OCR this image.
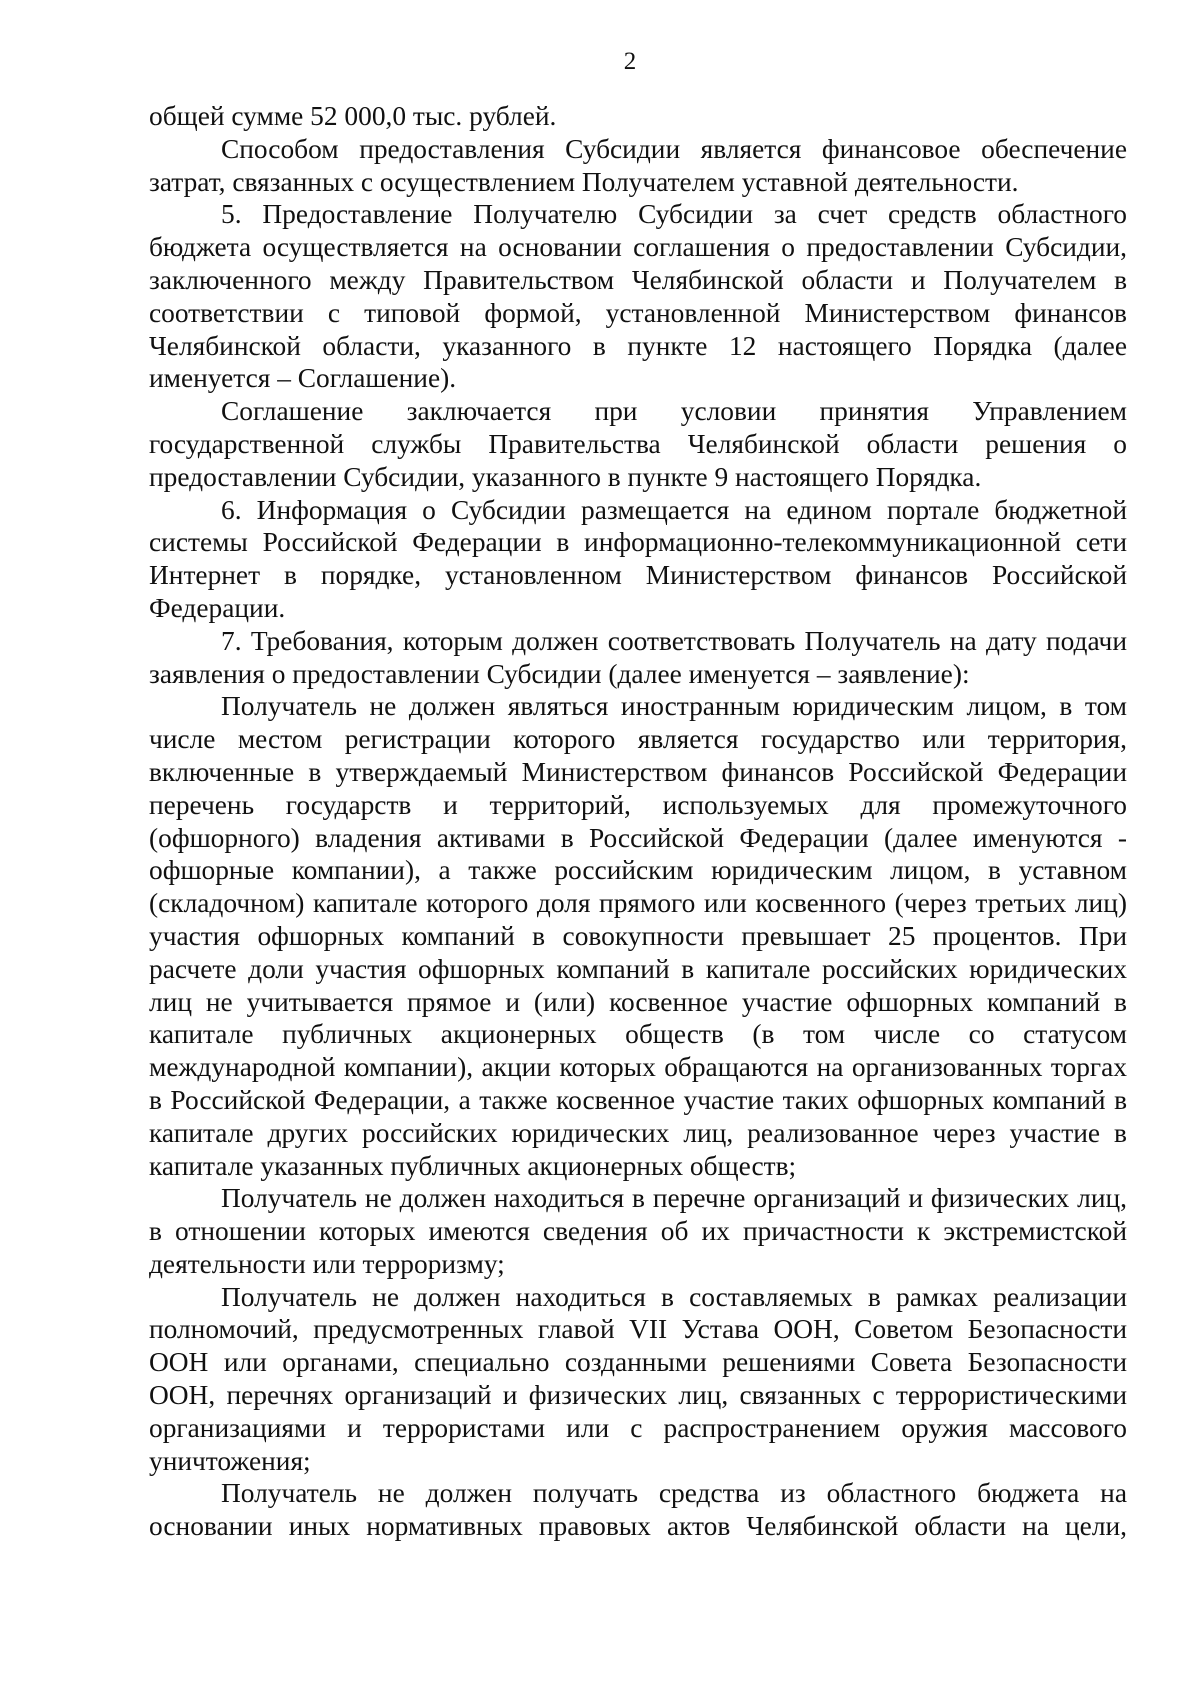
2

общей сумме 52 000,0 тыс. рублей.

Способом предоставления Субсидии является финансовое обеспечение затрат, связанных с осуществлением Получателем уставной деятельности.

5. Предоставление Получателю Субсидии за счет средств областного бюджета осуществляется на основании соглашения о предоставлении Субсидии, заключенного между Правительством Челябинской области и Получателем в соответствии с типовой формой, установленной Министерством финансов Челябинской области, указанного в пункте 12 настоящего Порядка (далее именуется – Соглашение).

Соглашение заключается при условии принятия Управлением государственной службы Правительства Челябинской области решения о предоставлении Субсидии, указанного в пункте 9 настоящего Порядка.

6. Информация о Субсидии размещается на едином портале бюджетной системы Российской Федерации в информационно-телекоммуникационной сети Интернет в порядке, установленном Министерством финансов Российской Федерации.

7. Требования, которым должен соответствовать Получатель на дату подачи заявления о предоставлении Субсидии (далее именуется – заявление):

Получатель не должен являться иностранным юридическим лицом, в том числе местом регистрации которого является государство или территория, включенные в утверждаемый Министерством финансов Российской Федерации перечень государств и территорий, используемых для промежуточного (офшорного) владения активами в Российской Федерации (далее именуются - офшорные компании), а также российским юридическим лицом, в уставном (складочном) капитале которого доля прямого или косвенного (через третьих лиц) участия офшорных компаний в совокупности превышает 25 процентов. При расчете доли участия офшорных компаний в капитале российских юридических лиц не учитывается прямое и (или) косвенное участие офшорных компаний в капитале публичных акционерных обществ (в том числе со статусом международной компании), акции которых обращаются на организованных торгах в Российской Федерации, а также косвенное участие таких офшорных компаний в капитале других российских юридических лиц, реализованное через участие в капитале указанных публичных акционерных обществ;

Получатель не должен находиться в перечне организаций и физических лиц, в отношении которых имеются сведения об их причастности к экстремистской деятельности или терроризму;

Получатель не должен находиться в составляемых в рамках реализации полномочий, предусмотренных главой VII Устава ООН, Советом Безопасности ООН или органами, специально созданными решениями Совета Безопасности ООН, перечнях организаций и физических лиц, связанных с террористическими организациями и террористами или с распространением оружия массового уничтожения;

Получатель не должен получать средства из областного бюджета на основании иных нормативных правовых актов Челябинской области на цели,
